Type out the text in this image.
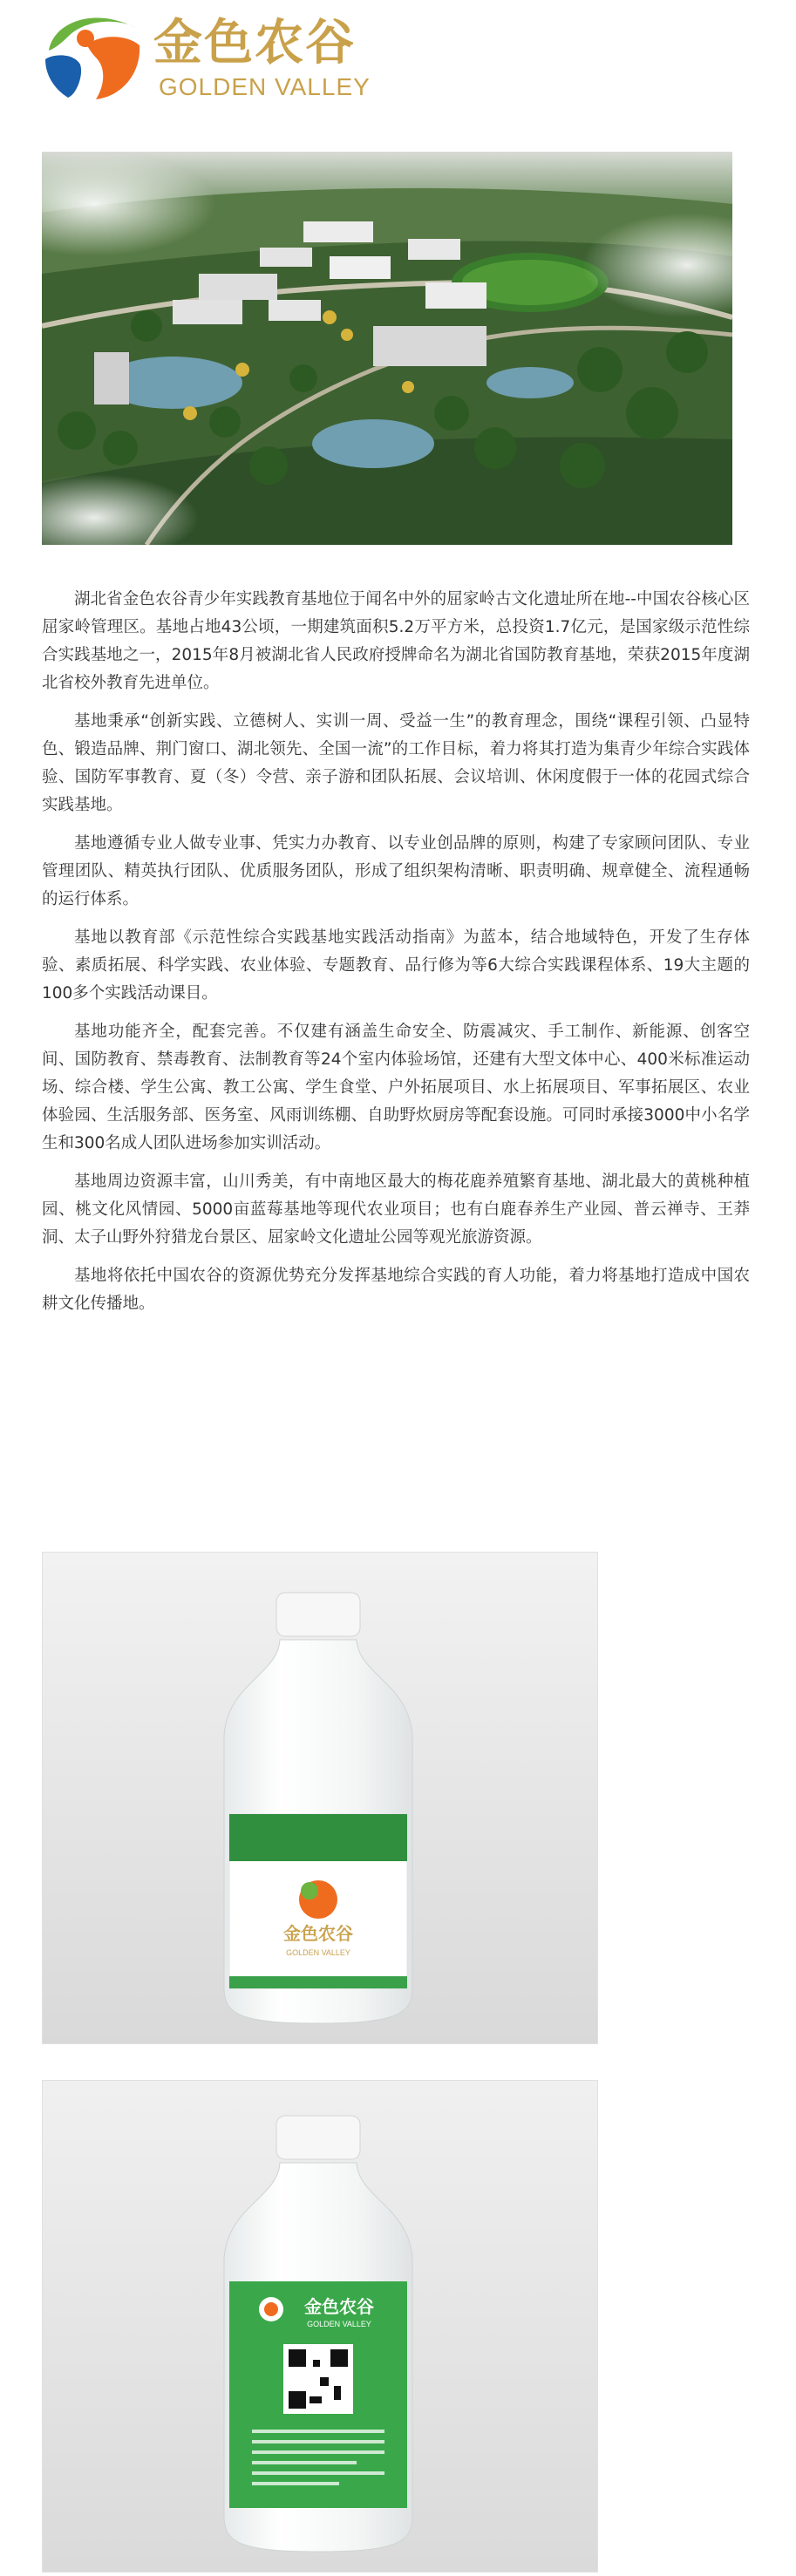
金色农谷
GOLDEN VALLEY

湖北省金色农谷青少年实践教育基地位于闻名中外的屈家岭古文化遗址所在地--中国农谷核心区屈家岭管理区。基地占地43公顷，一期建筑面积5.2万平方米，总投资1.7亿元，是国家级示范性综合实践基地之一，2015年8月被湖北省人民政府授牌命名为湖北省国防教育基地，荣获2015年度湖北省校外教育先进单位。

基地秉承“创新实践、立德树人、实训一周、受益一生”的教育理念，围绕“课程引领、凸显特色、锻造品牌、荆门窗口、湖北领先、全国一流”的工作目标，着力将其打造为集青少年综合实践体验、国防军事教育、夏（冬）令营、亲子游和团队拓展、会议培训、休闲度假于一体的花园式综合实践基地。

基地遵循专业人做专业事、凭实力办教育、以专业创品牌的原则，构建了专家顾问团队、专业管理团队、精英执行团队、优质服务团队，形成了组织架构清晰、职责明确、规章健全、流程通畅的运行体系。

基地以教育部《示范性综合实践基地实践活动指南》为蓝本，结合地域特色，开发了生存体验、素质拓展、科学实践、农业体验、专题教育、品行修为等6大综合实践课程体系、19大主题的100多个实践活动课目。

基地功能齐全，配套完善。不仅建有涵盖生命安全、防震减灾、手工制作、新能源、创客空间、国防教育、禁毒教育、法制教育等24个室内体验场馆，还建有大型文体中心、400米标准运动场、综合楼、学生公寓、教工公寓、学生食堂、户外拓展项目、水上拓展项目、军事拓展区、农业体验园、生活服务部、医务室、风雨训练棚、自助野炊厨房等配套设施。可同时承接3000中小名学生和300名成人团队进场参加实训活动。

基地周边资源丰富，山川秀美，有中南地区最大的梅花鹿养殖繁育基地、湖北最大的黄桃种植园、桃文化风情园、5000亩蓝莓基地等现代农业项目；也有白鹿春养生产业园、普云禅寺、王莽洞、太子山野外狩猎龙台景区、屈家岭文化遗址公园等观光旅游资源。

基地将依托中国农谷的资源优势充分发挥基地综合实践的育人功能，着力将基地打造成中国农耕文化传播地。

金色农谷
GOLDEN VALLEY
金色农谷
GOLDEN VALLEY
